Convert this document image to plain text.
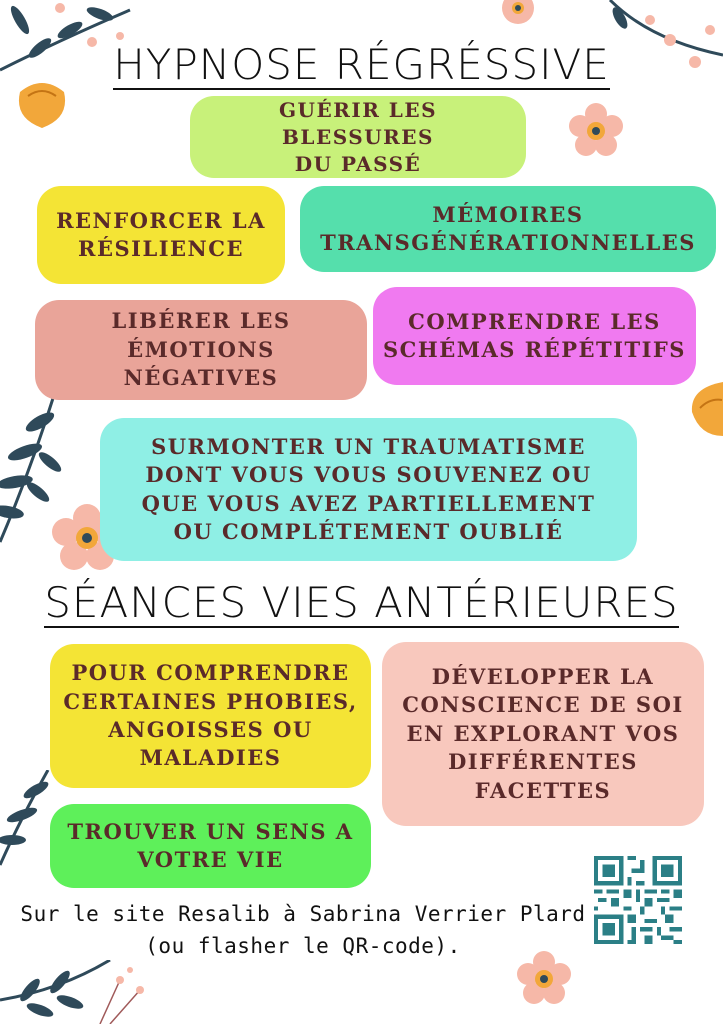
HYPNOSE RÉGRÉSSIVE
GUÉRIR LES BLESSURES
DU PASSÉ
RENFORCER LA
RÉSILIENCE
MÉMOIRES
TRANSGÉNÉRATIONNELLES
LIBÉRER LES ÉMOTIONS
NÉGATIVES
COMPRENDRE LES
SCHÉMAS RÉPÉTITIFS
SURMONTER UN TRAUMATISME
DONT VOUS VOUS SOUVENEZ OU
QUE VOUS AVEZ PARTIELLEMENT
OU COMPLÉTEMENT OUBLIÉ
SÉANCES VIES ANTÉRIEURES
POUR COMPRENDRE
CERTAINES PHOBIES,
ANGOISSES OU
MALADIES
DÉVELOPPER LA
CONSCIENCE DE SOI
EN EXPLORANT VOS
DIFFÉRENTES
FACETTES
TROUVER UN SENS A
VOTRE VIE
Sur le site Resalib à Sabrina Verrier Plard
(ou flasher le QR-code).
